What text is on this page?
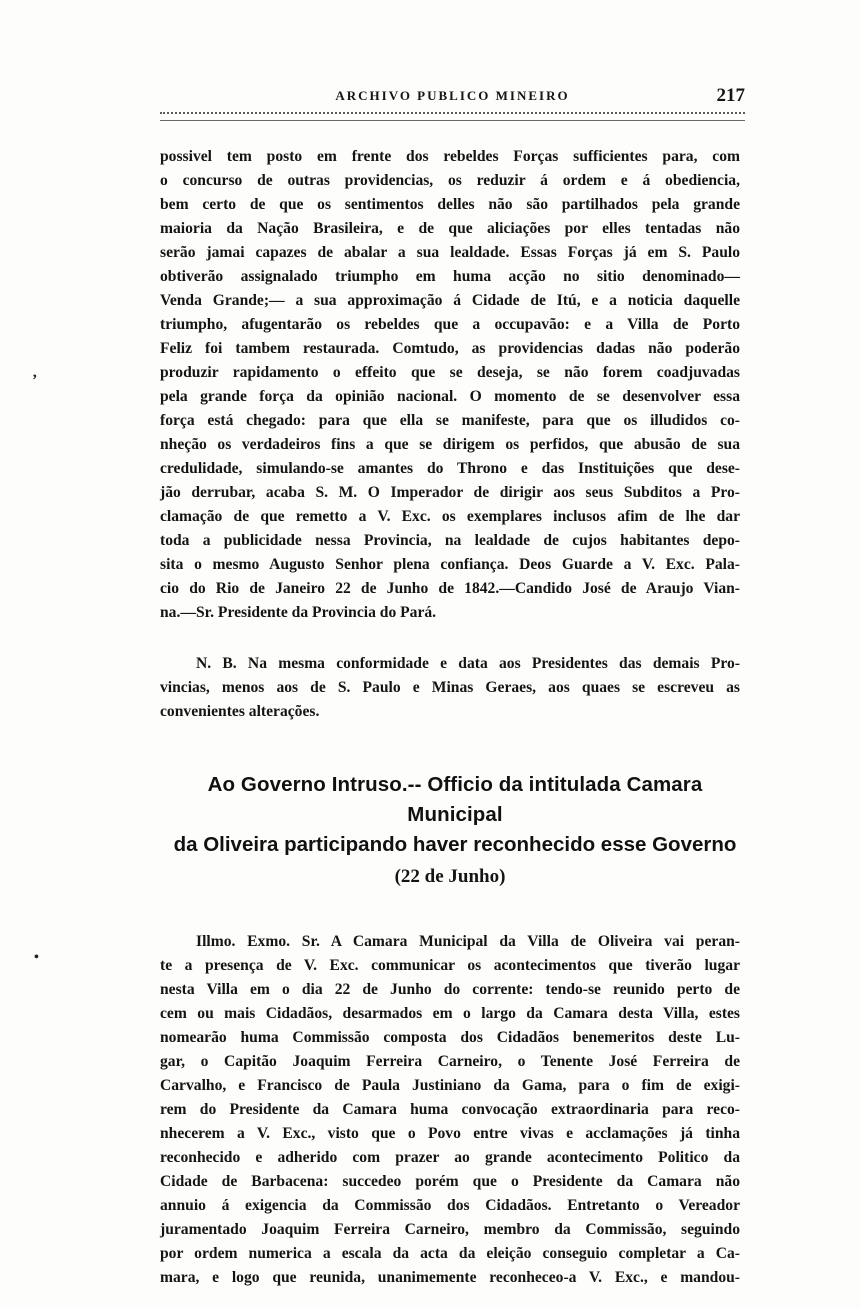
ARCHIVO PUBLICO MINEIRO	217
possivel tem posto em frente dos rebeldes Forças sufficientes para, com
o concurso de outras providencias, os reduzir á ordem e á obediencia,
bem certo de que os sentimentos delles não são partilhados pela grande
maioria da Nação Brasileira, e de que aliciações por elles tentadas não
serão jamai capazes de abalar a sua lealdade. Essas Forças já em S. Paulo
obtiverão assignalado triumpho em huma acção no sitio denominado—
Venda Grande;— a sua approximação á Cidade de Itú, e a noticia daquelle
triumpho, afugentarão os rebeldes que a occupavão: e a Villa de Porto
Feliz foi tambem restaurada. Comtudo, as providencias dadas não poderão
produzir rapidamento o effeito que se deseja, se não forem coadjuvadas
pela grande força da opinião nacional. O momento de se desenvolver essa
força está chegado: para que ella se manifeste, para que os illudidos co-
nheção os verdadeiros fins a que se dirigem os perfidos, que abusão de sua
credulidade, simulando-se amantes do Throno e das Instituições que dese-
jão derrubar, acaba S. M. O Imperador de dirigir aos seus Subditos a Pro-
clamação de que remetto a V. Exc. os exemplares inclusos afim de lhe dar
toda a publicidade nessa Provincia, na lealdade de cujos habitantes depo-
sita o mesmo Augusto Senhor plena confiança. Deos Guarde a V. Exc. Pala-
cio do Rio de Janeiro 22 de Junho de 1842.—Candido José de Araujo Vian-
na.—Sr. Presidente da Provincia do Pará.
N. B. Na mesma conformidade e data aos Presidentes das demais Pro-
vincias, menos aos de S. Paulo e Minas Geraes, aos quaes se escreveu as
convenientes alterações.
Ao Governo Intruso.-- Officio da intitulada Camara Municipal
da Oliveira participando haver reconhecido esse Governo
(22 de Junho)
Illmo. Exmo. Sr. A Camara Municipal da Villa de Oliveira vai peran-
te a presença de V. Exc. communicar os acontecimentos que tiverão lugar
nesta Villa em o dia 22 de Junho do corrente: tendo-se reunido perto de
cem ou mais Cidadãos, desarmados em o largo da Camara desta Villa, estes
nomearão huma Commissão composta dos Cidadãos benemeritos deste Lu-
gar, o Capitão Joaquim Ferreira Carneiro, o Tenente José Ferreira de
Carvalho, e Francisco de Paula Justiniano da Gama, para o fim de exigi-
rem do Presidente da Camara huma convocação extraordinaria para reco-
nhecerem a V. Exc., visto que o Povo entre vivas e acclamações já tinha
reconhecido e adherido com prazer ao grande acontecimento Politico da
Cidade de Barbacena: succedeo porém que o Presidente da Camara não
annuio á exigencia da Commissão dos Cidadãos. Entretanto o Vereador
juramentado Joaquim Ferreira Carneiro, membro da Commissão, seguindo
por ordem numerica a escala da acta da eleição conseguio completar a Ca-
mara, e logo que reunida, unanimemente reconheceo-a V. Exc., e mandou-
’
•
